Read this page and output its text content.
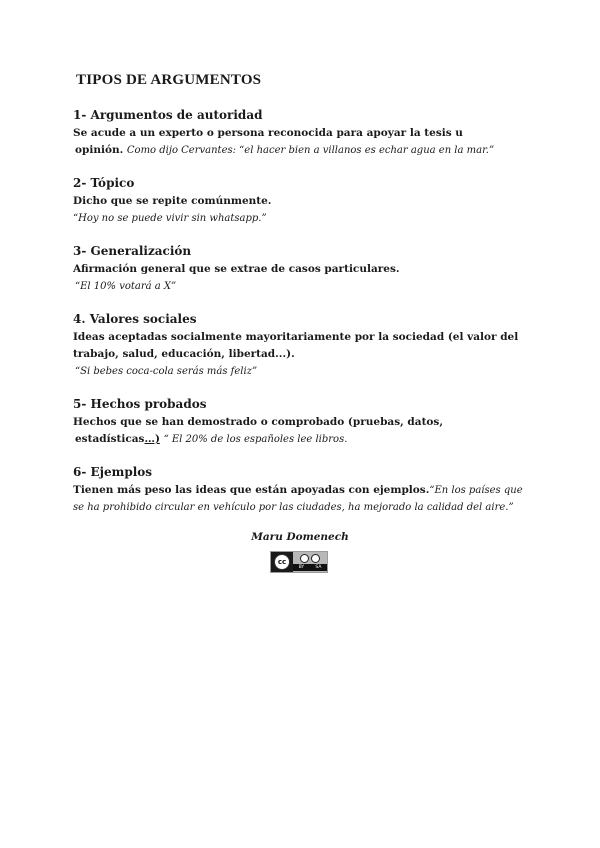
TIPOS DE ARGUMENTOS
1- Argumentos de autoridad
Se acude a un experto o persona reconocida para apoyar la tesis u
opinión. Como dijo Cervantes: “el hacer bien a villanos es echar agua en la mar.”
2- Tópico
Dicho que se repite comúnmente.
“Hoy no se puede vivir sin whatsapp.”
3- Generalización
Afirmación general que se extrae de casos particulares.
“El 10% votará a X”
4. Valores sociales
Ideas aceptadas socialmente mayoritariamente por la sociedad (el valor del
trabajo, salud, educación, libertad...).
“Si bebes coca-cola serás más feliz”
5- Hechos probados
Hechos que se han demostrado o comprobado (pruebas, datos,
estadísticas…) “ El 20% de los españoles lee libros.
6- Ejemplos
Tienen más peso las ideas que están apoyadas con ejemplos.“En los países que
se ha prohibido circular en vehículo por las ciudades, ha mejorado la calidad del aire.”
Maru Domenech
cc
BY SA
